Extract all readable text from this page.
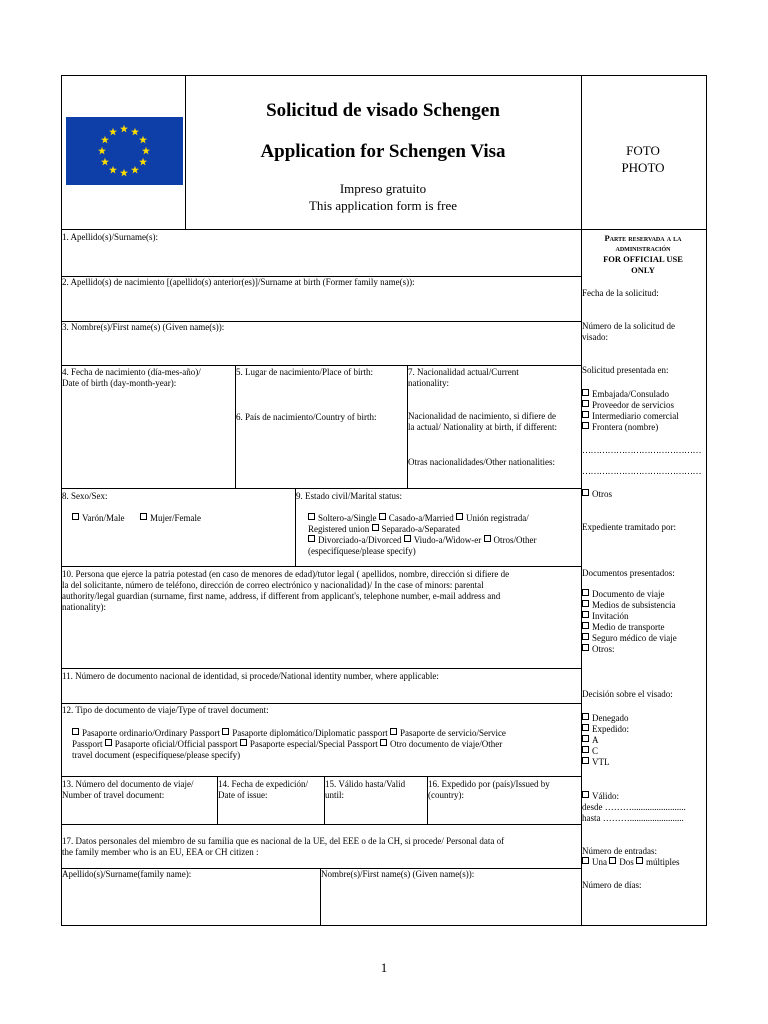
Solicitud de visado Schengen
Application for Schengen Visa
Impreso gratuito
This application form is free
FOTO
PHOTO
Parte reservada a la
administración
FOR OFFICIAL USE
ONLY
Fecha de la solicitud:
Número de la solicitud de
visado:
Solicitud presentada en:
Embajada/Consulado
Proveedor de servicios
Intermediario comercial
Frontera (nombre)
……………………………………
……………………………………
Otros
Expediente tramitado por:
Documentos presentados:
Documento de viaje
Medios de subsistencia
Invitación
Medio de transporte
Seguro médico de viaje
Otros:
Decisión sobre el visado:
Denegado
Expedido:
A
C
VTL
Válido:
desde ………........................
hasta ………........................
Número de entradas:
Una Dos múltiples
Número de días:
1. Apellido(s)/Surname(s):
2. Apellido(s) de nacimiento [(apellido(s) anterior(es)]/Surname at birth (Former family name(s)):
3. Nombre(s)/First name(s) (Given name(s)):
4. Fecha de nacimiento (día-mes-año)/
Date of birth (day-month-year):
5. Lugar de nacimiento/Place of birth:
6. País de nacimiento/Country of birth:
7. Nacionalidad actual/Current
nationality:
Nacionalidad de nacimiento, si difiere de
la actual/ Nationality at birth, if different:
Otras nacionalidades/Other nationalities:
8. Sexo/Sex:
Varón/Male	Mujer/Female
9. Estado civil/Marital status:
Soltero-a/Single Casado-a/Married Unión registrada/
Registered union Separado-a/Separated
Divorciado-a/Divorced Viudo-a/Widow-er Otros/Other
(especifíquese/please specify)
10. Persona que ejerce la patria potestad (en caso de menores de edad)/tutor legal ( apellidos, nombre, dirección si difiere de
la del solicitante, número de teléfono, dirección de correo electrónico y nacionalidad)/ In the case of minors: parental
authority/legal guardian (surname, first name, address, if different from applicant's, telephone number, e-mail address and
nationality):
11. Número de documento nacional de identidad, si procede/National identity number, where applicable:
12. Tipo de documento de viaje/Type of travel document:
Pasaporte ordinario/Ordinary Passport Pasaporte diplomático/Diplomatic passport Pasaporte de servicio/Service
Passport Pasaporte oficial/Official passport Pasaporte especial/Special Passport Otro documento de viaje/Other
travel document (especifíquese/please specify)
13. Número del documento de viaje/
Number of travel document:
14. Fecha de expedición/
Date of issue:
15. Válido hasta/Valid
until:
16. Expedido por (país)/Issued by
(country):
17. Datos personales del miembro de su familia que es nacional de la UE, del EEE o de la CH, si procede/ Personal data of
the family member who is an EU, EEA or CH citizen :
Apellido(s)/Surname(family name):	Nombre(s)/First name(s) (Given name(s)):
1
